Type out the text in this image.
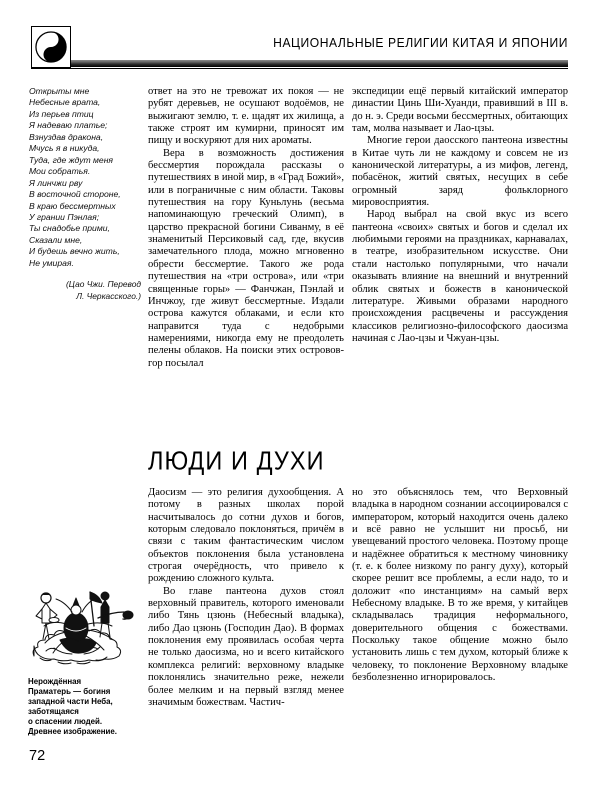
НАЦИОНАЛЬНЫЕ РЕЛИГИИ КИТАЯ И ЯПОНИИ
Открыты мне
Небесные врата,
Из перьев птиц
Я надеваю платье;
Взнуздав дракона,
Мчусь я в никуда,
Туда, где ждут меня
Мои собратья.
Я линчжи рву
В восточной стороне,
В краю бессмертных
У грании Пэнлая;
Ты снадобье прими,
Сказали мне,
И будешь вечно жить,
Не умирая.
(Цао Чжи. Перевод
Л. Черкасского.)

ответ на это не тревожат их покоя — не рубят деревьев, не осушают водоёмов, не выжигают землю, т. е. щадят их жилища, а также строят им кумирни, приносят им пищу и воскуряют для них ароматы.

Вера в возможность достижения бессмертия порождала рассказы о путешествиях в иной мир, в «Град Божий», или в пограничные с ним области. Таковы путешествия на гору Куньлунь (весьма напоминающую греческий Олимп), в царство прекрасной богини Сиванму, в её знаменитый Персиковый сад, где, вкусив замечательного плода, можно мгновенно обрести бессмертие. Такого же рода путешествия на «три острова», или «три священные горы» — Фанчжан, Пэнлай и Инчжоу, где живут бессмертные. Издали острова кажутся облаками, и если кто направится туда с недобрыми намерениями, никогда ему не преодолеть пелены облаков. На поиски этих островов-гор посылал

экспедиции ещё первый китайский император династии Цинь Ши-Хуанди, правивший в III в. до н. э. Среди восьми бессмертных, обитающих там, молва называет и Лао-цзы.

Многие герои даосского пантеона известны в Китае чуть ли не каждому и совсем не из канонической литературы, а из мифов, легенд, побасёнок, житий святых, несущих в себе огромный заряд фольклорного мировосприятия.

Народ выбрал на свой вкус из всего пантеона «своих» святых и богов и сделал их любимыми героями на праздниках, карнавалах, в театре, изобразительном искусстве. Они стали настолько популярными, что начали оказывать влияние на внешний и внутренний облик святых и божеств в канонической литературе. Живыми образами народного происхождения расцвечены и рассуждения классиков религиозно-философского даосизма начиная с Лао-цзы и Чжуан-цзы.

ЛЮДИ И ДУХИ

Даосизм — это религия духообщения. А потому в разных школах порой насчитывалось до сотни духов и богов, которым следовало поклоняться, причём в связи с таким фантастическим числом объектов поклонения была установлена строгая очерёдность, что привело к рождению сложного культа.

Во главе пантеона духов стоял верховный правитель, которого именовали либо Тянь цзюнь (Небесный владыка), либо Дао цзюнь (Господин Дао). В формах поклонения ему проявилась особая черта не только даосизма, но и всего китайского комплекса религий: верховному владыке поклонялись значительно реже, нежели более мелким и на первый взгляд менее значимым божествам. Частич-

но это объяснялось тем, что Верховный владыка в народном сознании ассоциировался с императором, который находится очень далеко и всё равно не услышит ни просьб, ни увещеваний простого человека. Поэтому проще и надёжнее обратиться к местному чиновнику (т. е. к более низкому по рангу духу), который скорее решит все проблемы, а если надо, то и доложит «по инстанциям» на самый верх Небесному владыке. В то же время, у китайцев складывалась традиция неформального, доверительного общения с божествами. Поскольку такое общение можно было установить лишь с тем духом, который ближе к человеку, то поклонение Верховному владыке безболезненно игнорировалось.

Нерождённая
Праматерь — богиня
западной части Неба,
заботящаяся
о спасении людей.
Древнее изображение.
72
